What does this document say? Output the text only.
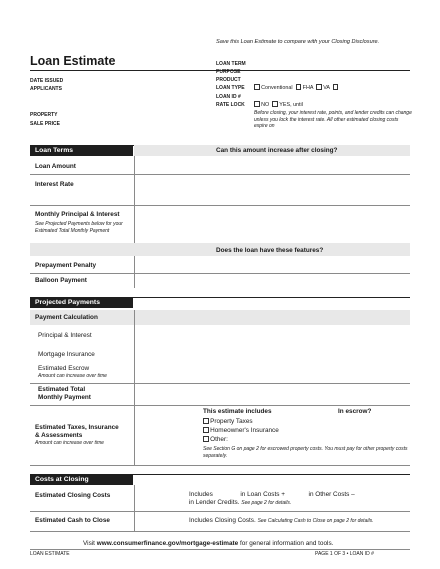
Save this Loan Estimate to compare with your Closing Disclosure.
Loan Estimate
DATE ISSUED
APPLICANTS
PROPERTY
SALE PRICE
LOAN TERM
PURPOSE
PRODUCT
LOAN TYPE
LOAN ID #
RATE LOCK
Conventional FHA VA
NO YES, until
Before closing, your interest rate, points, and lender credits can change unless you lock the interest rate. All other estimated closing costs expire on
Loan Terms	Can this amount increase after closing?
Loan Amount
Interest Rate
Monthly Principal & Interest
See Projected Payments below for your Estimated Total Monthly Payment
Does the loan have these features?
Prepayment Penalty
Balloon Payment
Projected Payments
Payment Calculation
Principal & Interest
Mortgage Insurance
Estimated Escrow
Amount can increase over time
Estimated Total
Monthly Payment
Estimated Taxes, Insurance
& Assessments
Amount can increase over time
This estimate includes	In escrow?
Property Taxes
Homeowner's Insurance
Other:
See Section G on page 2 for escrowed property costs. You must pay for other property costs separately.
Costs at Closing
Estimated Closing Costs	Includes	in Loan Costs +	in Other Costs –
in Lender Credits. See page 2 for details.
Estimated Cash to Close	Includes Closing Costs. See Calculating Cash to Close on page 2 for details.
Visit www.consumerfinance.gov/mortgage-estimate for general information and tools.
LOAN ESTIMATE	PAGE 1 OF 3 • LOAN ID #
